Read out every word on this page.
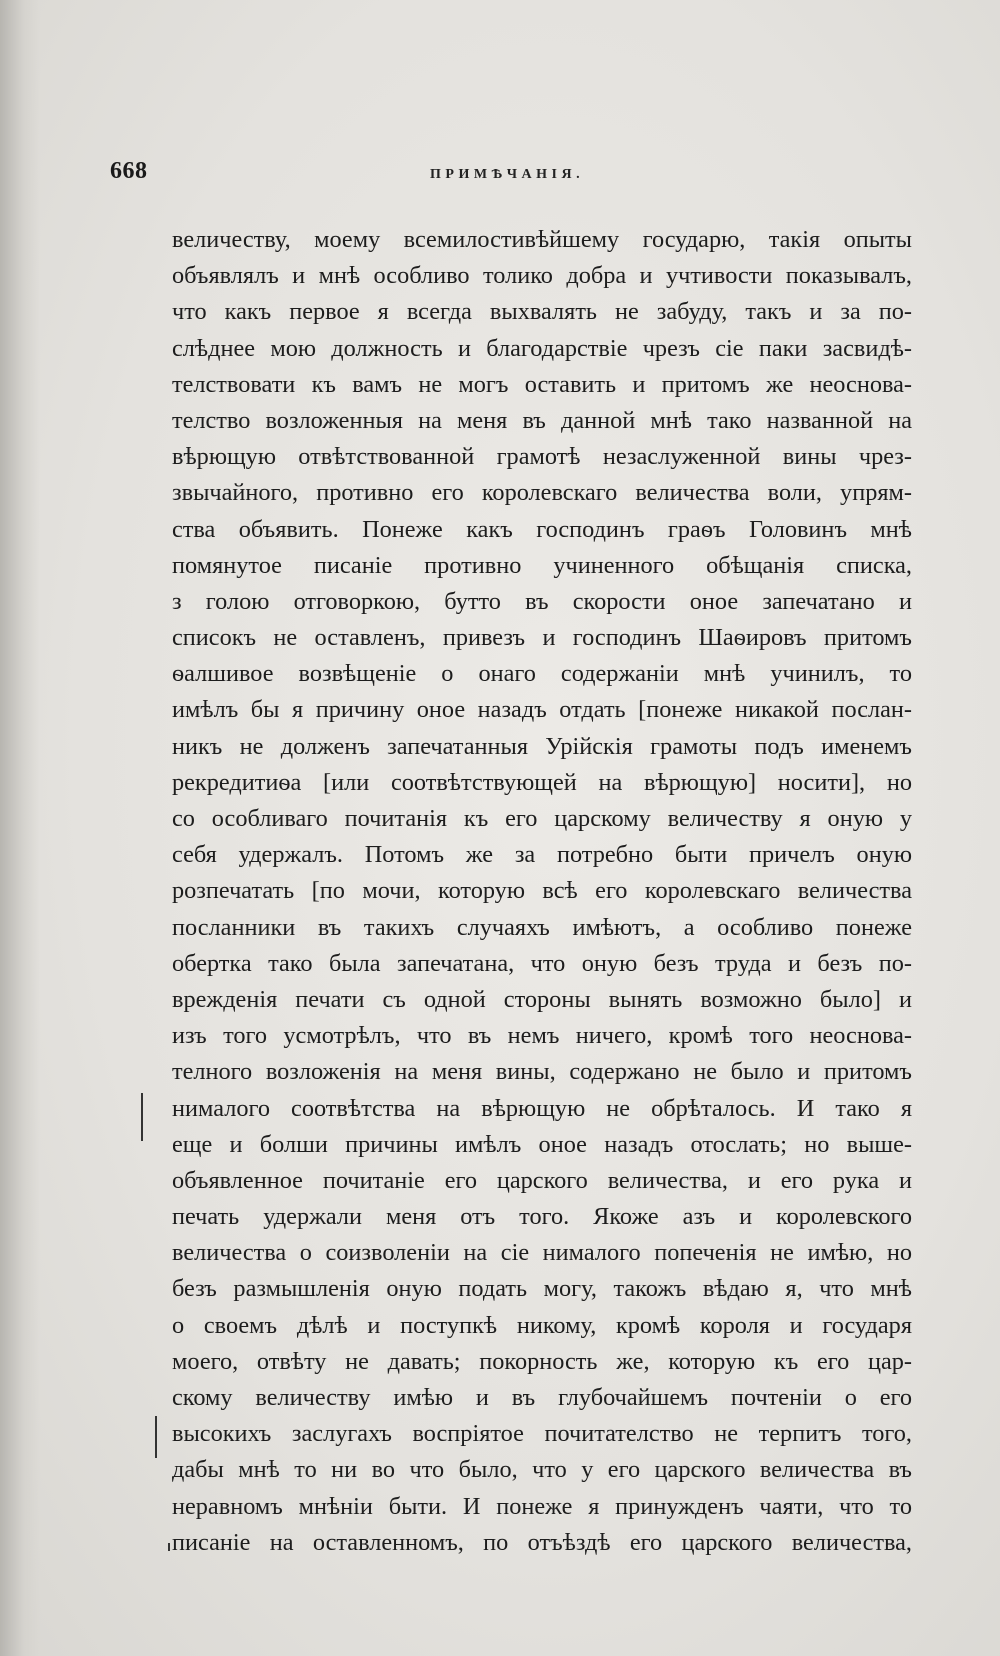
668	ПРИМѢЧАНІЯ.
величеству, моему всемилостивѣйшему государю, такія опыты
объявлялъ и мнѣ особливо толико добра и учтивости показывалъ,
что какъ первое я всегда выхвалять не забуду, такъ и за по-
слѣднее мою должность и благодарствіе чрезъ сіе паки засвидѣ-
телствовати къ вамъ не могъ оставить и притомъ же неоснова-
телство возложенныя на меня въ данной мнѣ тако названной на
вѣрющую отвѣтствованной грамотѣ незаслуженной вины чрез-
звычайного, противно его королевскаго величества воли, упрям-
ства объявить. Понеже какъ господинъ граѳъ Головинъ мнѣ
помянутое писаніе противно учиненного обѣщанія списка,
з голою отговоркою, бутто въ скорости оное запечатано и
списокъ не оставленъ, привезъ и господинъ Шаѳировъ притомъ
ѳалшивое возвѣщеніе о онаго содержаніи мнѣ учинилъ, то
имѣлъ бы я причину оное назадъ отдать [понеже никакой послан-
никъ не долженъ запечатанныя Урійскія грамоты подъ именемъ
рекредитиѳа [или соотвѣтствующей на вѣрющую] носити], но
со особливаго почитанія къ его царскому величеству я оную у
себя удержалъ. Потомъ же за потребно быти причелъ оную
розпечатать [по мочи, которую всѣ его королевскаго величества
посланники въ такихъ случаяхъ имѣютъ, а особливо понеже
обертка тако была запечатана, что оную безъ труда и безъ по-
врежденія печати съ одной стороны вынять возможно было] и
изъ того усмотрѣлъ, что въ немъ ничего, кромѣ того неоснова-
телного возложенія на меня вины, содержано не было и притомъ
нималого соотвѣтства на вѣрющую не обрѣталось. И тако я
еще и болши причины имѣлъ оное назадъ отослать; но выше-
объявленное почитаніе его царского величества, и его рука и
печать удержали меня отъ того. Якоже азъ и королевского
величества о соизволеніи на сіе нималого попеченія не имѣю, но
безъ размышленія оную подать могу, такожъ вѣдаю я, что мнѣ
о своемъ дѣлѣ и поступкѣ никому, кромѣ короля и государя
моего, отвѣту не давать; покорность же, которую къ его цар-
скому величеству имѣю и въ глубочайшемъ почтеніи о его
высокихъ заслугахъ воспріятое почитателство не терпитъ того,
дабы мнѣ то ни во что было, что у его царского величества въ
неравномъ мнѣніи быти. И понеже я принужденъ чаяти, что то
писаніе на оставленномъ, по отъѣздѣ его царского величества,
